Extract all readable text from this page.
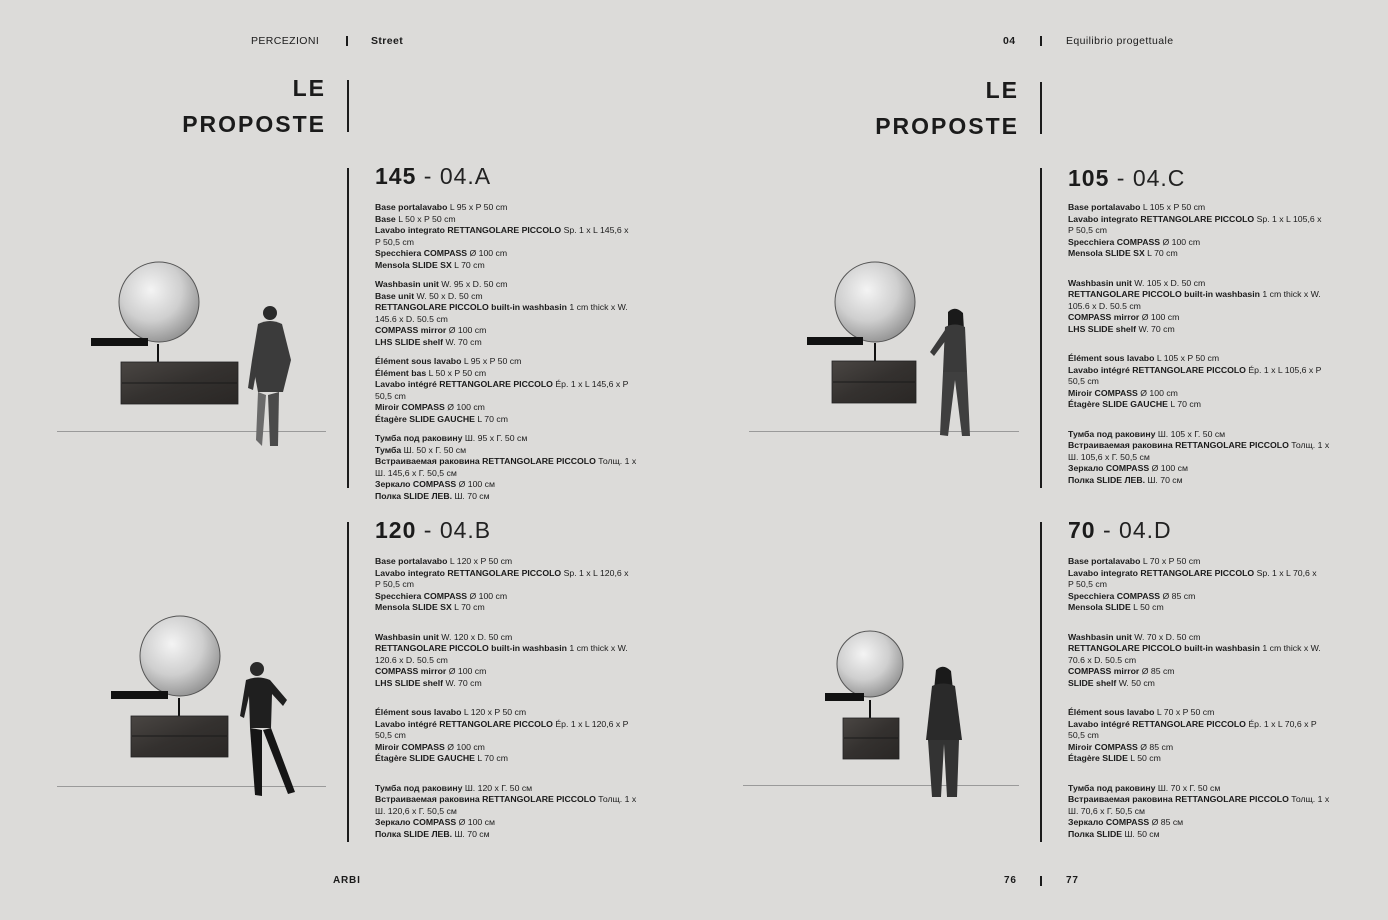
PERCEZIONI	Street	04	Equilibrio progettuale
LE
PROPOSTE
LE
PROPOSTE
145 - 04.A
Base portalavabo L 95 x P 50 cm
Base L 50 x P 50 cm
Lavabo integrato RETTANGOLARE PICCOLO Sp. 1 x L 145,6 x
P 50,5 cm
Specchiera COMPASS Ø 100 cm
Mensola SLIDE SX L 70 cm
Washbasin unit W. 95 x D. 50 cm
Base unit W. 50 x D. 50 cm
RETTANGOLARE PICCOLO built-in washbasin 1 cm thick x W.
145.6 x D. 50.5 cm
COMPASS mirror Ø 100 cm
LHS SLIDE shelf W. 70 cm
Élément sous lavabo L 95 x P 50 cm
Élément bas L 50 x P 50 cm
Lavabo intégré RETTANGOLARE PICCOLO Ép. 1 x L 145,6 x P
50,5 cm
Miroir COMPASS Ø 100 cm
Étagère SLIDE GAUCHE L 70 cm
Тумба под раковину Ш. 95 x Г. 50 см
Тумба Ш. 50 x Г. 50 см
Встраиваемая раковина RETTANGOLARE PICCOLO Толщ. 1 x
Ш. 145,6 x Г. 50,5 см
Зеркало COMPASS Ø 100 см
Полка SLIDE ЛЕВ. Ш. 70 см
120 - 04.B
Base portalavabo L 120 x P 50 cm
Lavabo integrato RETTANGOLARE PICCOLO Sp. 1 x L 120,6 x
P 50,5 cm
Specchiera COMPASS Ø 100 cm
Mensola SLIDE SX L 70 cm
Washbasin unit W. 120 x D. 50 cm
RETTANGOLARE PICCOLO built-in washbasin 1 cm thick x W.
120.6 x D. 50.5 cm
COMPASS mirror Ø 100 cm
LHS SLIDE shelf W. 70 cm
Élément sous lavabo L 120 x P 50 cm
Lavabo intégré RETTANGOLARE PICCOLO Ép. 1 x L 120,6 x P
50,5 cm
Miroir COMPASS Ø 100 cm
Étagère SLIDE GAUCHE L 70 cm
Тумба под раковину Ш. 120 x Г. 50 см
Встраиваемая раковина RETTANGOLARE PICCOLO Толщ. 1 x
Ш. 120,6 x Г. 50,5 см
Зеркало COMPASS Ø 100 см
Полка SLIDE ЛЕВ. Ш. 70 см
105 - 04.C
Base portalavabo L 105 x P 50 cm
Lavabo integrato RETTANGOLARE PICCOLO Sp. 1 x L 105,6 x
P 50,5 cm
Specchiera COMPASS Ø 100 cm
Mensola SLIDE SX L 70 cm
Washbasin unit W. 105 x D. 50 cm
RETTANGOLARE PICCOLO built-in washbasin 1 cm thick x W.
105.6 x D. 50.5 cm
COMPASS mirror Ø 100 cm
LHS SLIDE shelf W. 70 cm
Élément sous lavabo L 105 x P 50 cm
Lavabo intégré RETTANGOLARE PICCOLO Ép. 1 x L 105,6 x P
50,5 cm
Miroir COMPASS Ø 100 cm
Étagère SLIDE GAUCHE L 70 cm
Тумба под раковину Ш. 105 x Г. 50 см
Встраиваемая раковина RETTANGOLARE PICCOLO Толщ. 1 x
Ш. 105,6 x Г. 50,5 см
Зеркало COMPASS Ø 100 см
Полка SLIDE ЛЕВ. Ш. 70 см
70 - 04.D
Base portalavabo L 70 x P 50 cm
Lavabo integrato RETTANGOLARE PICCOLO Sp. 1 x L 70,6 x
P 50,5 cm
Specchiera COMPASS Ø 85 cm
Mensola SLIDE L 50 cm
Washbasin unit W. 70 x D. 50 cm
RETTANGOLARE PICCOLO built-in washbasin 1 cm thick x W.
70.6 x D. 50.5 cm
COMPASS mirror Ø 85 cm
SLIDE shelf W. 50 cm
Élément sous lavabo L 70 x P 50 cm
Lavabo intégré RETTANGOLARE PICCOLO Ép. 1 x L 70,6 x P
50,5 cm
Miroir COMPASS Ø 85 cm
Étagère SLIDE L 50 cm
Тумба под раковину Ш. 70 x Г. 50 см
Встраиваемая раковина RETTANGOLARE PICCOLO Толщ. 1 x
Ш. 70,6 x Г. 50,5 см
Зеркало COMPASS Ø 85 см
Полка SLIDE Ш. 50 см
ARBI	76	77
